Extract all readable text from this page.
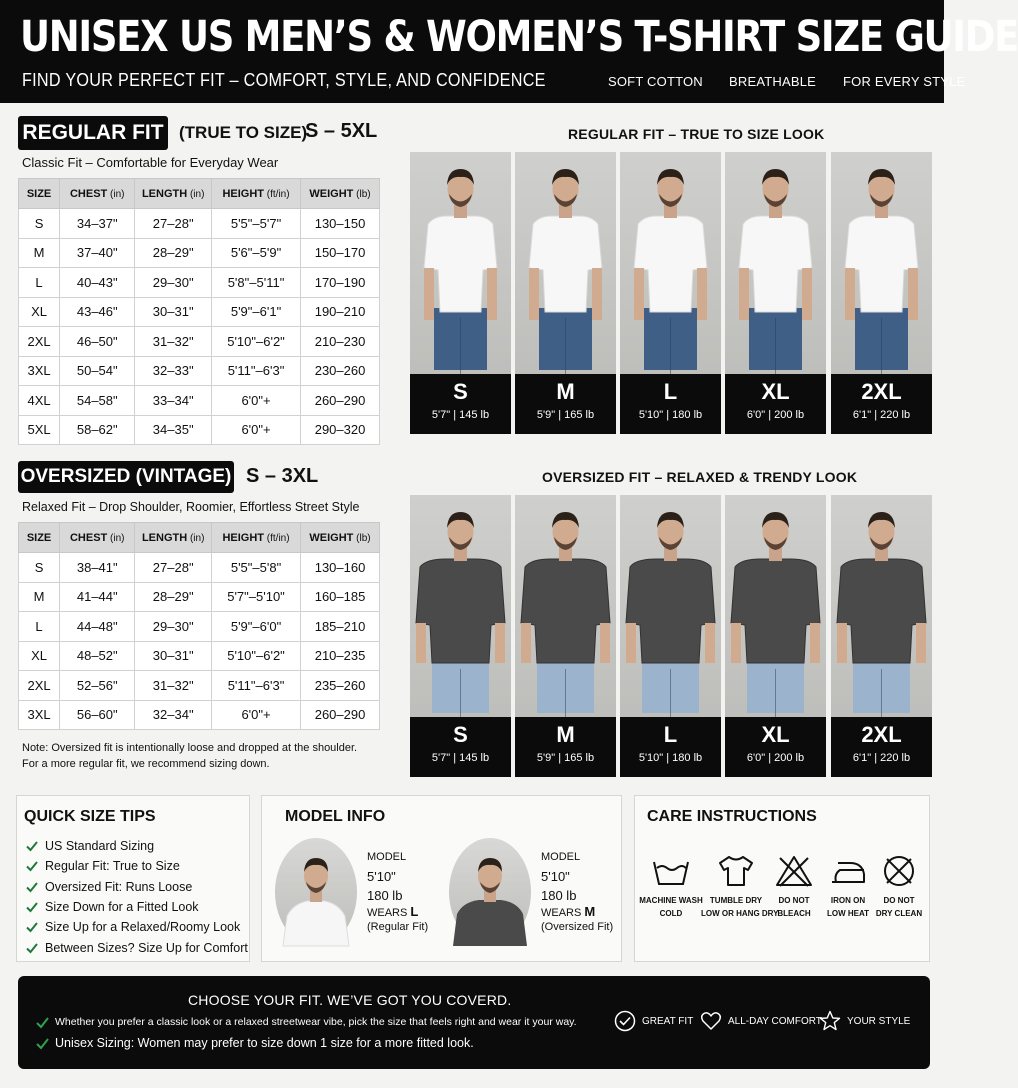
UNISEX US MEN’S & WOMEN’S T-SHIRT SIZE GUIDE
FIND YOUR PERFECT FIT – COMFORT, STYLE, AND CONFIDENCE	SOFT COTTON BREATHABLE FOR EVERY STYLE
REGULAR FIT (TRUE TO SIZE)
S – 5XL
Classic Fit – Comfortable for Everyday Wear
SIZE	CHEST (in)	LENGTH (in)	HEIGHT (ft/in)	WEIGHT (lb)
S	34–37"	27–28"	5'5"–5'7"	130–150
M	37–40"	28–29"	5'6"–5'9"	150–170
L	40–43"	29–30"	5'8"–5'11"	170–190
XL	43–46"	30–31"	5'9"–6'1"	190–210
2XL	46–50"	31–32"	5'10"–6'2"	210–230
3XL	50–54"	32–33"	5'11"–6'3"	230–260
4XL	54–58"	33–34"	6'0"+	260–290
5XL	58–62"	34–35"	6'0"+	290–320
REGULAR FIT – TRUE TO SIZE LOOK
S
5'7" | 145 lb
M
5'9" | 165 lb
L
5'10" | 180 lb
XL
6'0" | 200 lb
2XL
6'1" | 220 lb
OVERSIZED (VINTAGE) S – 3XL
Relaxed Fit – Drop Shoulder, Roomier, Effortless Street Style
SIZE	CHEST (in)	LENGTH (in)	HEIGHT (ft/in)	WEIGHT (lb)
S	38–41"	27–28"	5'5"–5'8"	130–160
M	41–44"	28–29"	5'7"–5'10"	160–185
L	44–48"	29–30"	5'9"–6'0"	185–210
XL	48–52"	30–31"	5'10"–6'2"	210–235
2XL	52–56"	31–32"	5'11"–6'3"	235–260
3XL	56–60"	32–34"	6'0"+	260–290
OVERSIZED FIT – RELAXED & TRENDY LOOK
S
5'7" | 145 lb
M
5'9" | 165 lb
L
5'10" | 180 lb
XL
6'0" | 200 lb
2XL
6'1" | 220 lb
Note: Oversized fit is intentionally loose and dropped at the shoulder.
For a more regular fit, we recommend sizing down.
QUICK SIZE TIPS
US Standard Sizing
Regular Fit: True to Size
Oversized Fit: Runs Loose
Size Down for a Fitted Look
Size Up for a Relaxed/Roomy Look
Between Sizes? Size Up for Comfort
MODEL INFO
MODEL
5'10"
180 lb
WEARS L
(Regular Fit)
MODEL
5'10"
180 lb
WEARS M
(Oversized Fit)
CARE INSTRUCTIONS
MACHINE WASH
COLD
TUMBLE DRY
LOW OR HANG DRY
DO NOT
BLEACH
IRON ON
LOW HEAT
DO NOT
DRY CLEAN
CHOOSE YOUR FIT. WE’VE GOT YOU COVERD.
Whether you prefer a classic look or a relaxed streetwear vibe, pick the size that feels right and wear it your way.
Unisex Sizing: Women may prefer to size down 1 size for a more fitted look.
GREAT FIT	ALL-DAY COMFORT	YOUR STYLE
